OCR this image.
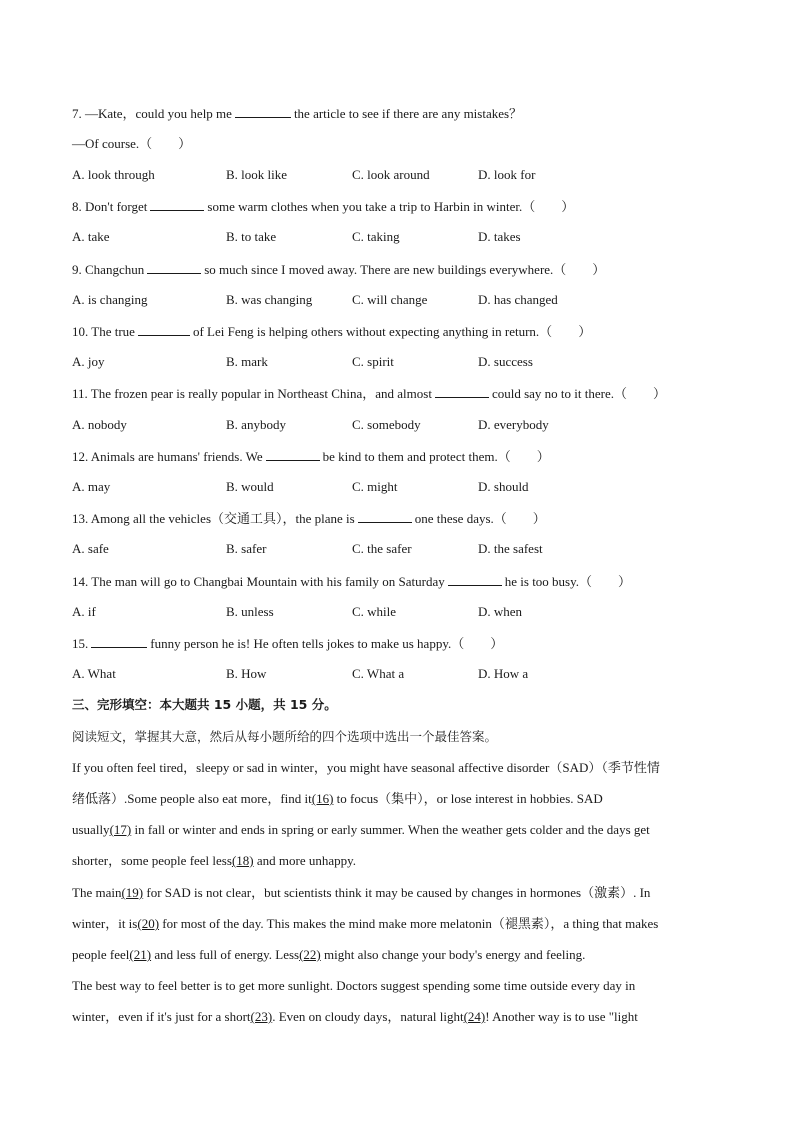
7. —Kate，could you help me	the article to see if there are any mistakes？
—Of course.（ ）
A. look through	B. look like	C. look around	D. look for
8. Don't forget	some warm clothes when you take a trip to Harbin in winter.（ ）
A. take	B. to take	C. taking	D. takes
9. Changchun	so much since I moved away. There are new buildings everywhere.（ ）
A. is changing	B. was changing	C. will change	D. has changed
10. The true	of Lei Feng is helping others without expecting anything in return.（ ）
A. joy	B. mark	C. spirit	D. success
11. The frozen pear is really popular in Northeast China，and almost	could say no to it there.（ ）
A. nobody	B. anybody	C. somebody	D. everybody
12. Animals are humans' friends. We	be kind to them and protect them.（ ）
A. may	B. would	C. might	D. should
13. Among all the vehicles（交通工具），the plane is	one these days.（ ）
A. safe	B. safer	C. the safer	D. the safest
14. The man will go to Changbai Mountain with his family on Saturday	he is too busy.（ ）
A. if	B. unless	C. while	D. when
15.	funny person he is! He often tells jokes to make us happy.（ ）
A. What	B. How	C. What a	D. How a
三、完形填空：本大题共 15 小题，共 15 分。
阅读短文，掌握其大意，然后从每小题所给的四个选项中选出一个最佳答案。
If you often feel tired，sleepy or sad in winter，you might have seasonal affective disorder（SAD）（季节性情
绪低落）.Some people also eat more，find it(16) to focus（集中），or lose interest in hobbies. SAD
usually(17) in fall or winter and ends in spring or early summer. When the weather gets colder and the days get
shorter，some people feel less(18) and more unhappy.
The main(19) for SAD is not clear，but scientists think it may be caused by changes in hormones（激素）. In
winter，it is(20) for most of the day. This makes the mind make more melatonin（褪黑素），a thing that makes
people feel(21) and less full of energy. Less(22) might also change your body's energy and feeling.
The best way to feel better is to get more sunlight. Doctors suggest spending some time outside every day in
winter，even if it's just for a short(23). Even on cloudy days，natural light(24)! Another way is to use "light
